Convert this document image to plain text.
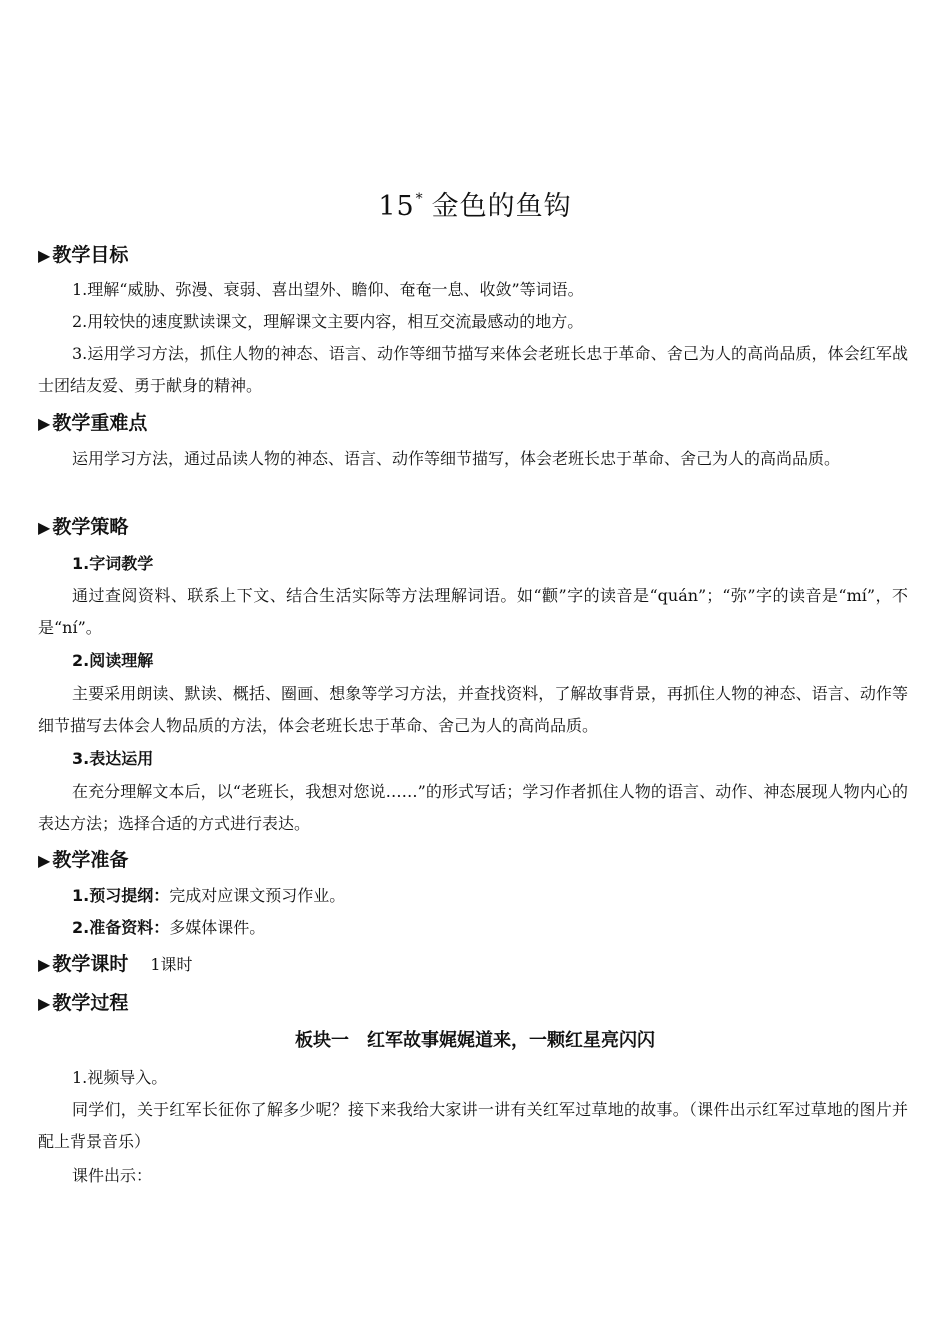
15* 金色的鱼钩
▶ 教学目标
1.理解“威胁、弥漫、衰弱、喜出望外、瞻仰、奄奄一息、收敛”等词语。
2.用较快的速度默读课文，理解课文主要内容，相互交流最感动的地方。
3.运用学习方法，抓住人物的神态、语言、动作等细节描写来体会老班长忠于革命、舍己为人的高尚品质，体会红军战士团结友爱、勇于献身的精神。
▶ 教学重难点
运用学习方法，通过品读人物的神态、语言、动作等细节描写，体会老班长忠于革命、舍己为人的高尚品质。
▶ 教学策略
1.字词教学
通过查阅资料、联系上下文、结合生活实际等方法理解词语。如“颧”字的读音是“quán”；“弥”字的读音是“mí”，不是“ní”。
2.阅读理解
主要采用朗读、默读、概括、圈画、想象等学习方法，并查找资料，了解故事背景，再抓住人物的神态、语言、动作等细节描写去体会人物品质的方法，体会老班长忠于革命、舍己为人的高尚品质。
3.表达运用
在充分理解文本后，以“老班长，我想对您说……”的形式写话；学习作者抓住人物的语言、动作、神态展现人物内心的表达方法；选择合适的方式进行表达。
▶ 教学准备
1.预习提纲：完成对应课文预习作业。
2.准备资料：多媒体课件。
▶ 教学课时 1课时
▶ 教学过程
板块一　红军故事娓娓道来，一颗红星亮闪闪
1.视频导入。
同学们，关于红军长征你了解多少呢？接下来我给大家讲一讲有关红军过草地的故事。（课件出示红军过草地的图片并配上背景音乐）
课件出示：
